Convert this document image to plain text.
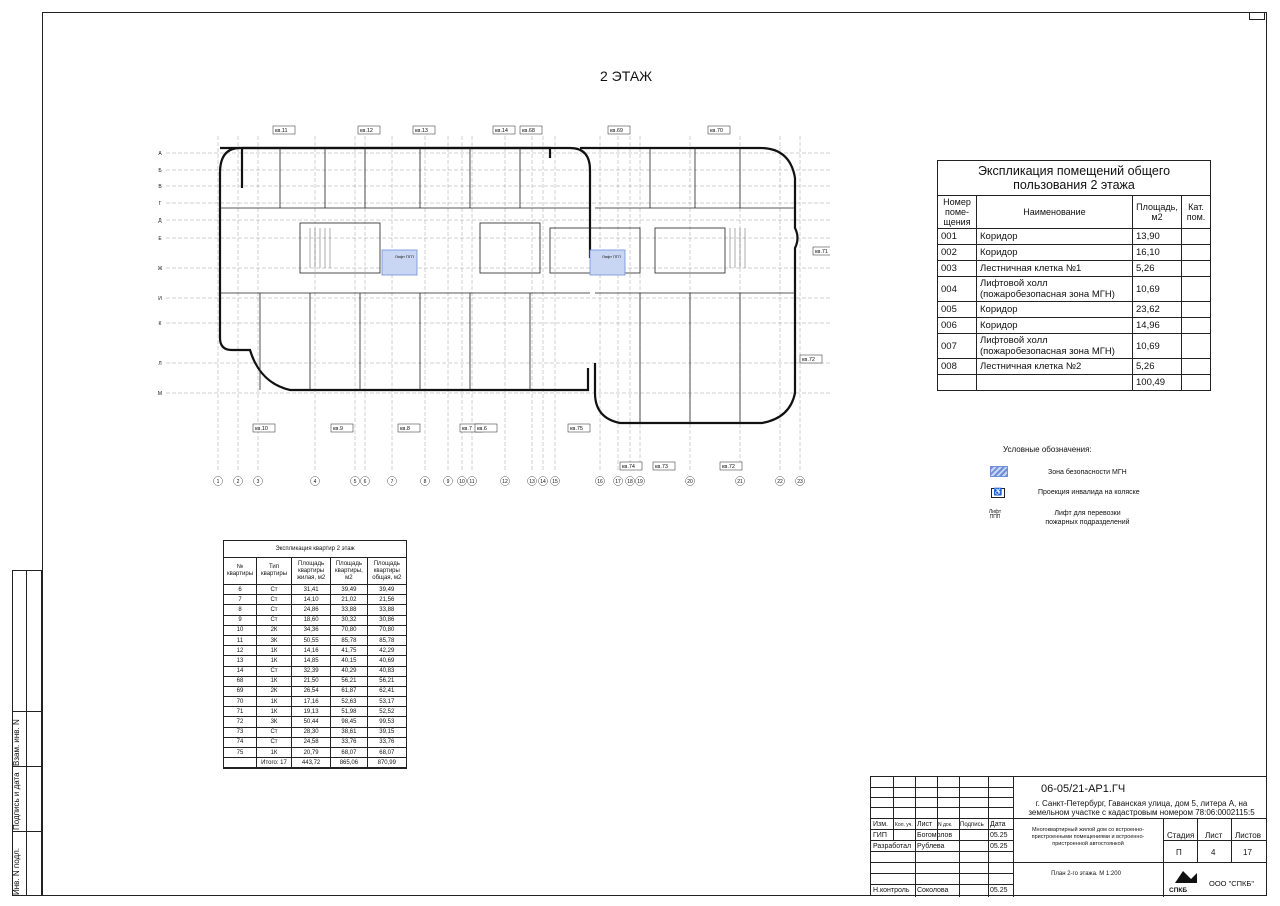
2 ЭТАЖ
1	2	3	4	5 6	7	8	9 10 11	12	13 14 15	16 17 18 19	20	21	22	23
А
Б
В
Г
Д
Е
Ж
И
К
Л
М
кв.11	кв.12	кв.13	кв.14	кв.68	кв.69	кв.70
кв.71
кв.72
кв.10	кв.9	кв.8	кв.7 кв.6	кв.75
кв.74	кв.73	кв.72
Лифт ПГП	Лифт ПГП
Экспликация помещений общего пользования 2 этажа			
Номер поме-щения	Наименование	Площадь, м2	Кат. пом.
001	Коридор	13,90	
002	Коридор	16,10	
003	Лестничная клетка №1	5,26	
004	Лифтовой холл (пожаробезопасная зона МГН)	10,69	
005	Коридор	23,62	
006	Коридор	14,96	
007	Лифтовой холл (пожаробезопасная зона МГН)	10,69	
008	Лестничная клетка №2	5,26	
		100,49	
Условные обозначения:
Зона безопасности МГН
♿	Проекция инвалида на коляске
Лифт ППП	Лифт для перевозки пожарных подразделений
Экспликация квартир 2 этаж
№ квартиры	Тип квартиры	Площадь квартиры жилая, м2	Площадь квартиры, м2	Площадь квартиры общая, м2
6	Ст	31,41	39,49	39,49
7	Ст	14,10	21,02	21,56
8	Ст	24,86	33,88	33,88
9	Ст	18,60	30,32	30,86
10	2К	34,36	70,80	70,80
11	3К	50,55	85,78	85,78
12	1К	14,16	41,75	42,29
13	1К	14,85	40,15	40,69
14	Ст	32,39	40,29	40,83
68	1К	21,50	56,21	56,21
69	2К	26,54	61,87	62,41
70	1К	17,16	52,63	53,17
71	1К	19,13	51,98	52,52
72	3К	50,44	98,45	99,53
73	Ст	28,30	38,61	39,15
74	Ст	24,58	33,76	33,76
75	1К	20,79	68,07	68,07
	Итого: 17	443,72	865,06	870,99
Инв. N подл.
Подпись и дата
Взам. инв. N
06-05/21-АР1.ГЧ
г. Санкт-Петербург, Гаванская улица, дом 5, литера А, на земельном участке с кадастровым номером 78:06:0002115:5
Изм. Кол. уч. Лист N док. Подпись Дата
ГИП	Богомолов	05.25
Разработал Рублева	05.25
Н.контроль Соколова	05.25
Многоквартирный жилой дом со встроенно-пристроенными помещениями и встроенно-пристроенной автостоянкой
План 2-го этажа. М 1:200
Стадия Лист Листов
П	4	17
СПКБ
ООО "СПКБ"
